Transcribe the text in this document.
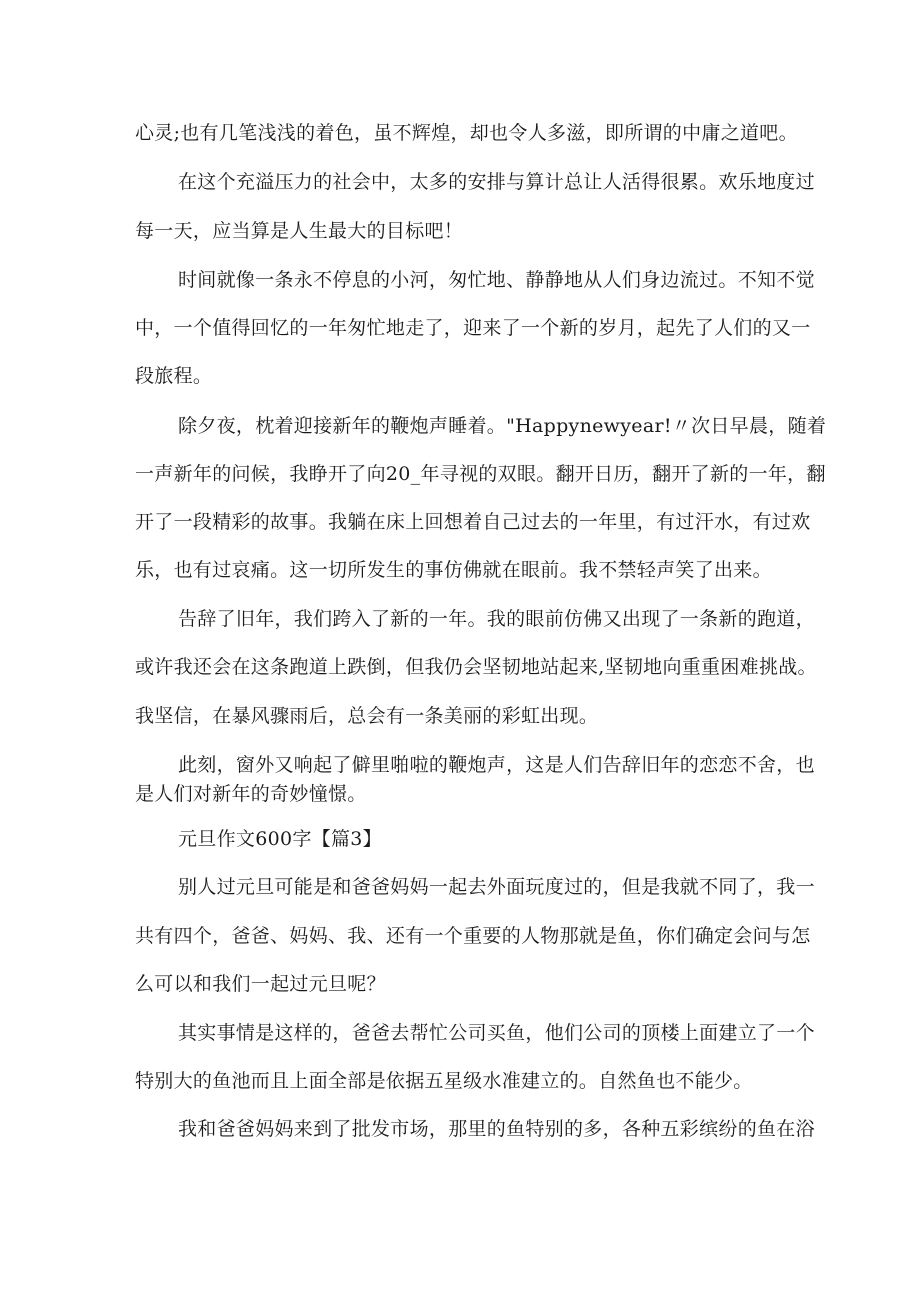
心灵;也有几笔浅浅的着色，虽不辉煌，却也令人多滋，即所谓的中庸之道吧。
在这个充溢压力的社会中，太多的安排与算计总让人活得很累。欢乐地度过
每一天，应当算是人生最大的目标吧！
时间就像一条永不停息的小河，匆忙地、静静地从人们身边流过。不知不觉
中，一个值得回忆的一年匆忙地走了，迎来了一个新的岁月，起先了人们的又一
段旅程。
除夕夜，枕着迎接新年的鞭炮声睡着。"Happynewyear!〃次日早晨，随着
一声新年的问候，我睁开了向20_年寻视的双眼。翻开日历，翻开了新的一年，翻
开了一段精彩的故事。我躺在床上回想着自己过去的一年里，有过汗水，有过欢
乐，也有过哀痛。这一切所发生的事仿佛就在眼前。我不禁轻声笑了出来。
告辞了旧年，我们跨入了新的一年。我的眼前仿佛又出现了一条新的跑道，
或许我还会在这条跑道上跌倒，但我仍会坚韧地站起来,坚韧地向重重困难挑战。
我坚信，在暴风骤雨后，总会有一条美丽的彩虹出现。
此刻，窗外又响起了僻里啪啦的鞭炮声，这是人们告辞旧年的恋恋不舍，也
是人们对新年的奇妙憧憬。
元旦作文600字【篇3】
别人过元旦可能是和爸爸妈妈一起去外面玩度过的，但是我就不同了，我一
共有四个，爸爸、妈妈、我、还有一个重要的人物那就是鱼，你们确定会问与怎
么可以和我们一起过元旦呢？
其实事情是这样的，爸爸去帮忙公司买鱼，他们公司的顶楼上面建立了一个
特别大的鱼池而且上面全部是依据五星级水准建立的。自然鱼也不能少。
我和爸爸妈妈来到了批发市场，那里的鱼特别的多，各种五彩缤纷的鱼在浴
